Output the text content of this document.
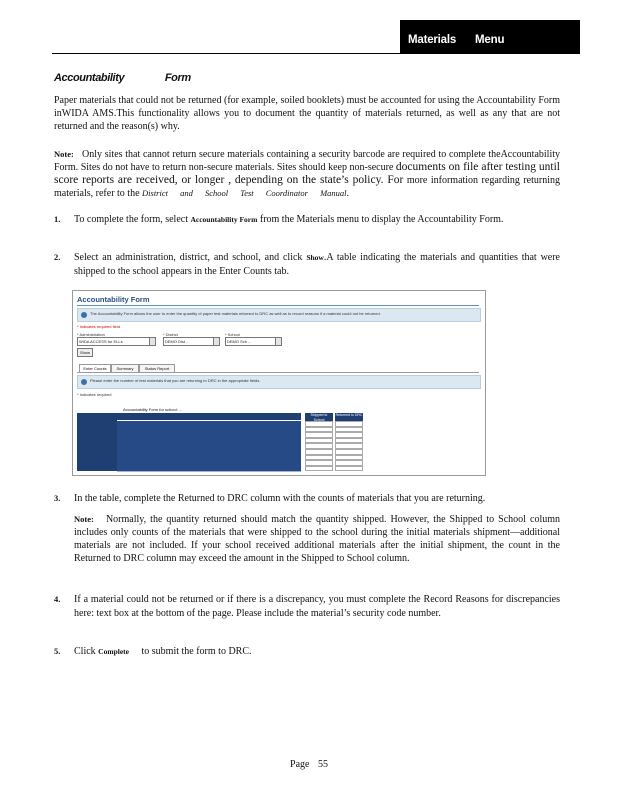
Materials Menu
Accountability Form
Paper materials that could not be returned (for example, soiled booklets) must be accounted for using the Accountability Form inWIDA AMS.This functionality allows you to document the quantity of materials returned, as well as any that are not returned and the reason(s) why.
Note: Only sites that cannot return secure materials containing a security barcode are required to complete theAccountability Form. Sites do not have to return non-secure materials. Sites should keep non-secure documents on file after testing until score reports are received, or longer , depending on the state’s policy. For more information regarding returning materials, refer to the District and School Test Coordinator Manual.
1. To complete the form, select Accountability Form from the Materials menu to display the Accountability Form.
2. Select an administration, district, and school, and click Show.A table indicating the materials and quantities that were shipped to the school appears in the Enter Counts tab.
Accountability Form
The Accountability Form allows the user to enter the quantity of paper test materials returned to DRC as well as to record reasons if a material could not be returned.
* Indicates required field
* Administration	* District	* School
WIDA ACCESS for ELLs	DEMO Dist ...	DEMO Sch ...
Show
Enter Counts	Summary	Status Report
Please enter the number of test materials that you are returning to DRC in the appropriate fields.
* Indicates required
Accountability Form for school: ...
Shipped to School
Returned to DRC
3. In the table, complete the Returned to DRC column with the counts of materials that you are returning.
Note: Normally, the quantity returned should match the quantity shipped. However, the Shipped to School column includes only counts of the materials that were shipped to the school during the initial materials shipment—additional materials are not included. If your school received additional materials after the initial shipment, the count in the Returned to DRC column may exceed the amount in the Shipped to School column.
4. If a material could not be returned or if there is a discrepancy, you must complete the Record Reasons for discrepancies here: text box at the bottom of the page. Please include the material’s security code number.
5. Click Complete to submit the form to DRC.
Page 55
